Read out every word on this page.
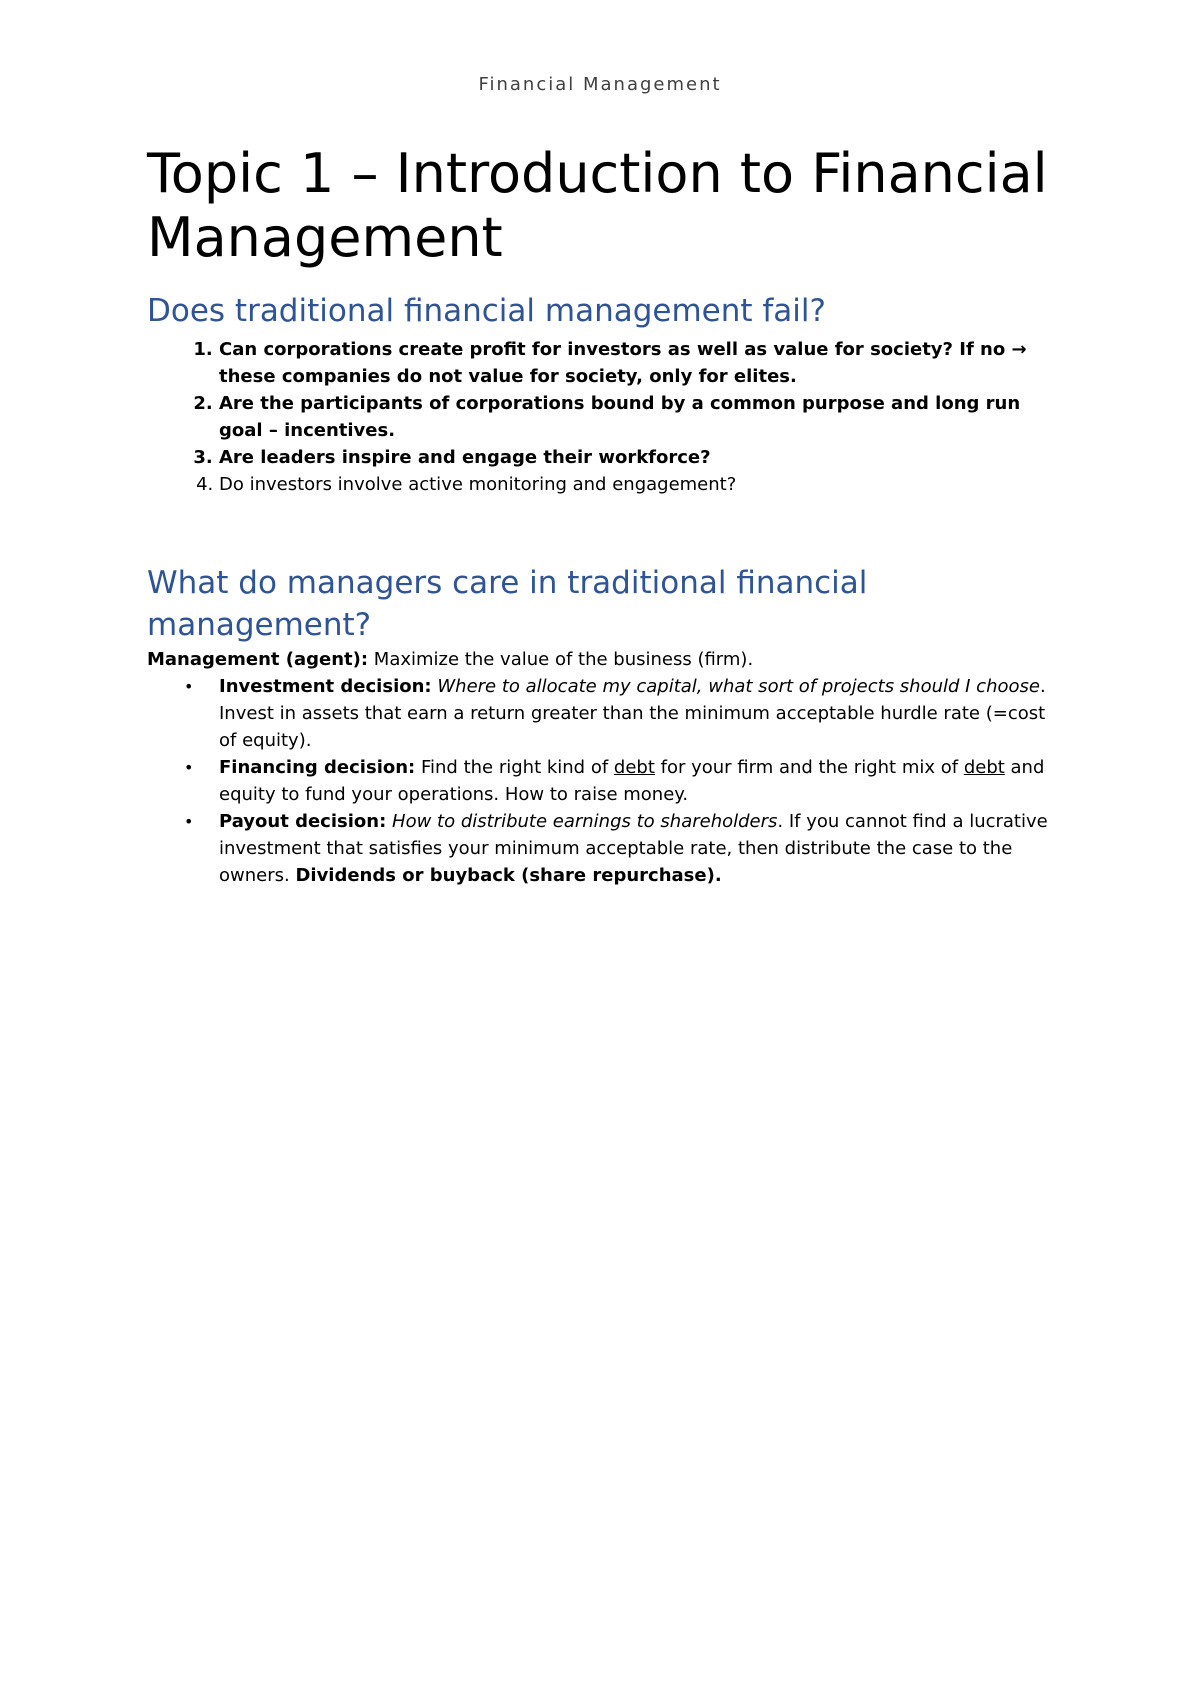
Financial Management
Topic 1 – Introduction to Financial Management
Does traditional financial management fail?
1. Can corporations create profit for investors as well as value for society? If no → these companies do not value for society, only for elites.
2. Are the participants of corporations bound by a common purpose and long run goal – incentives.
3. Are leaders inspire and engage their workforce?
4. Do investors involve active monitoring and engagement?
What do managers care in traditional financial management?

Management (agent): Maximize the value of the business (firm).

• Investment decision: Where to allocate my capital, what sort of projects should I choose. Invest in assets that earn a return greater than the minimum acceptable hurdle rate (=cost of equity).
• Financing decision: Find the right kind of debt for your firm and the right mix of debt and equity to fund your operations. How to raise money.
• Payout decision: How to distribute earnings to shareholders. If you cannot find a lucrative investment that satisfies your minimum acceptable rate, then distribute the case to the owners. Dividends or buyback (share repurchase).
